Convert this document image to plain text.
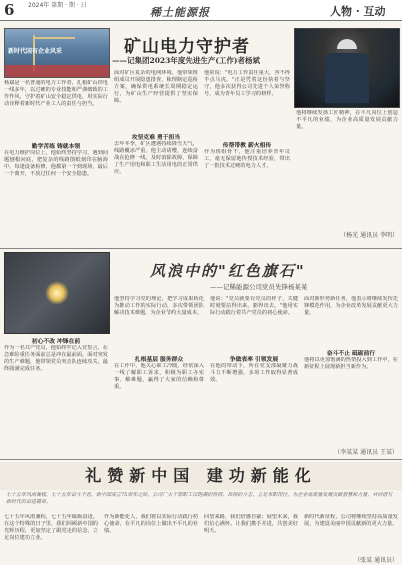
6	2024年 第期 · 期 · 日
稀土能源报	人物 · 互动
新时代国有企业风采	矿山电力守护者
——记集团2023年度先进生产(工作)者杨斌
杨斌是一名普通的电力工作者，扎根矿山供电一线多年，以过硬的专业技能和严谨细致的工作作风，守护着矿山安全稳定供电，用实际行动诠释着新时代产业工人的责任与担当。
勤学苦练 铸就本领
在电力维护岗位上，他始终坚持学习，遇到问题刨根问底，把复杂的线路图纸刻印在脑海中。每逢设备检修，他都第一个到现场，最后一个离开，不放过任何一个安全隐患。
面对矿区复杂的电网环境，他带领班组成员开展隐患排查，梳理制定巡检方案，确保供电系统长周期稳定运行，为矿山生产经营提供了坚实保障。
攻坚克难 勇于担当
去年冬季，矿区遭遇持续降雪天气，线路覆冰严重。他主动请缨，连续奋战在抢修一线，及时消除故障，保障了生产用电和职工生活用电的正常供应。
他常说："电力工作责任重大，容不得半点马虎。"正是凭着这份执着与坚守，他多次获得公司先进个人荣誉称号，成为青年员工学习的榜样。
传帮带教 薪火相传
作为班组骨干，他注重培养青年员工，毫无保留地传授技术经验，带出了一批技术过硬的电力人才。
他将继续发扬工匠精神，在平凡岗位上创造不平凡的业绩，为企业高质量发展贡献力量。
（杨光 通讯员 李明）
风浪中的"红色旗石"
——记稀能源公司党员先锋杨某某
初心不改 冲锋在前
作为一名共产党员，他始终牢记入党誓言，在急难险重任务面前总是冲在最前面。面对突发的生产难题，他带领党员突击队连续攻关，最终圆满完成任务。
他坚持学习党的理论，把学习成果转化为推动工作的实际行动，多次带领团队解决技术难题，为企业节约大量成本。
扎根基层 服务群众
在工作中，他关心职工冷暖，经常深入一线了解职工诉求，积极为职工办实事、解难题，赢得了大家的信赖和尊重。
他说："党员就要有党员的样子，关键时刻要站得出来、豁得出去。"他用实际行动践行着共产党员的初心使命。
争做表率 引领发展
在他的带动下，所在党支部凝聚力战斗力不断增强，多项工作取得显著成效。
面对新形势新任务，他表示将继续发挥先锋模范作用，为企业改革发展贡献更大力量。
奋斗不止 砥砺前行
他将以更加饱满的热情投入到工作中，在新征程上展现新担当新作为。
（李某某 通讯员 王某）
礼赞新中国 建功新能化
七十五年风雨兼程，七十五年奋斗不息。新中国成立75周年之际，公司广大干部职工以饱满的热情、昂扬的斗志，立足本职岗位，为企业高质量发展贡献智慧和力量，共同谱写新时代的奋进篇章。
七十五年风雨兼程，七十五年砥砺奋进。在这个特殊的日子里，我们回顾新中国的光辉历程，更加坚定了跟党走的信念，立足岗位建功立业。
作为新能化人，我们将以实际行动践行初心使命，在平凡的岗位上做出不平凡的业绩。
回望来路，我们倍感自豪；展望未来，我们信心满怀。让我们携手并进，共创美好明天。
新时代新征程，公司将继续坚持高质量发展，为建设美丽中国贡献新的更大力量。
（张某 通讯员）
